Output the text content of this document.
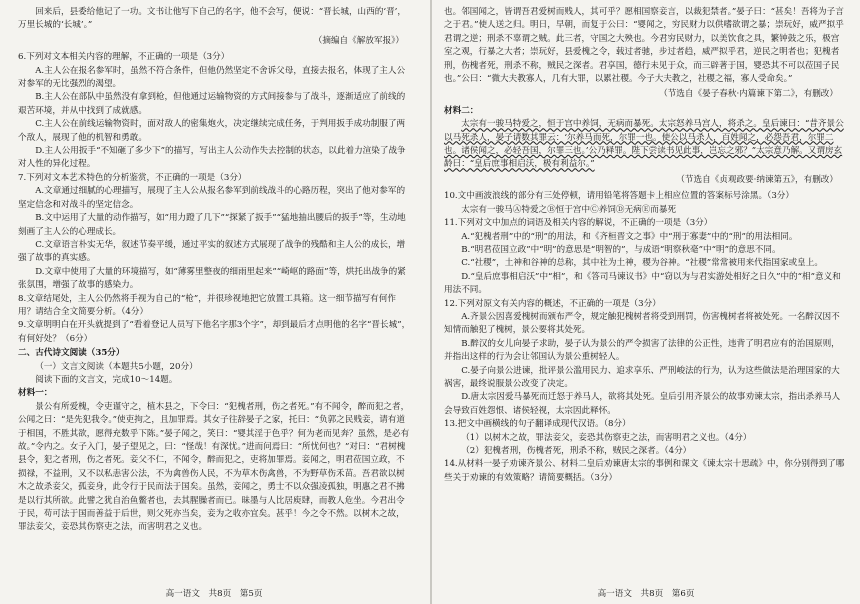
回来后，县委给他记了一功。文书让他写下自己的名字，他不会写，便说：“晋长城，山西的‘晋’，万里长城的‘长城’。”

（摘编自《解放军报》）

6.下列对文本相关内容的理解，不正确的一项是（3分）

A.主人公在报名参军时，虽然不符合条件，但他仍然坚定不舍诉父母，直接去报名，体现了主人公对参军的无比强烈的渴望。

B.主人公在部队中虽然没有拿到枪，但他通过运输物资的方式间接参与了战斗，逐渐适应了前线的艰苦环境，并从中找到了成就感。

C.主人公在前线运输物资时，面对敌人的密集炮火，决定继续完成任务，于判用扳手成功制服了两个敌人，展现了他的机智和勇敢。

D.主人公用扳手“不知砸了多少下”的描写，写出主人公动作失去控制的状态，以此着力渲染了战争对人性的异化过程。

7.下列对文本艺术特色的分析鉴赏，不正确的一项是（3分）

A.文章通过细腻的心理描写，展现了主人公从报名参军到前线战斗的心路历程，突出了他对参军的坚定信念和对战斗的坚定信念。

B.文中运用了大量的动作描写，如“用力蹬了几下”“探紧了扳手”“猛地抽出腰后的扳手”等，生动地刻画了主人公的心理成长。

C.文章语言朴实无华，叙述节奏平缓，通过平实的叙述方式展现了战争的残酷和主人公的成长，增强了故事的真实感。

D.文章中使用了大量的环境描写，如“薄雾里整夜的细雨里起来”“崎岖的路面”等，烘托出战争的紧张氛围，增强了故事的感染力。

8.文章结尾处，主人公仍然将手视为自己的“枪”，并很珍视地把它放置工具箱。这一细节描写有何作用？请结合全文简要分析。（4分）

9.文章明明白在开头就提到了“看着登记人员写下他名字那3个字”，却到最后才点明他的名字“晋长城”，有何好处？（6分）

二、古代诗文阅读（35分）

（一）文言文阅读（本题共5小题，20分）

阅读下面的文言文，完成10～14题。

材料一：

景公有所爱槐，令吏谨守之，植木县之，下令曰：“犯槐者刑，伤之者死。”有不闻令，醉而犯之者，公闻之曰：“是先犯我令。”使吏拘之，且加罪焉。其女子往辞晏子之家，托曰：“负郭之民贱妾，请有道于相国，不胜其欲，愿得充数乎下陈。”晏子闻之，笑曰：“婴其淫于色乎？何为老而见奔？虽然，是必有故。”令内之。女子入门，晏子望见之，曰：“怪哉！有深忧。”进而问焉曰：“所忧何也？”对曰：“君树槐县令，犯之者刑，伤之者死。妾父不仁，不闻令，醉而犯之，吏将加罪焉。妾闻之，明君莅国立政，不损禄，不益刑，又不以私恚害公法，不为禽兽伤人民，不为草木伤禽兽，不为野草伤禾苗。吾君欲以树木之故杀妾父，孤妾身，此令行于民而法于国矣。虽然，妾闻之，勇士不以众强凌孤独，明惠之君不拂是以行其所欲。此譬之犹自治鱼鳖者也，去其腥臊者而已。昧墨与人比居庾肆，而教人危坐。今君出令于民，苟可法于国而善益于后世，则父死亦当矣，妾为之收亦宜矣。甚乎！今之令不然。以树木之故，罪法妾父，妾恐其伤察吏之法，而害明君之义也。

高一语文　共8页　第5页

也。邻国闻之，皆谓吾君爱树而贱人，其可乎？愿相国察妾言，以裁犯禁者。”晏子曰：“甚矣！吾将为子言之于君。”使人送之归。明日，早朝，而复于公曰：“婴闻之，穷民财力以供嗜欲谓之暴；崇玩好，威严拟乎君谓之逆；刑杀不辜谓之贼。此三者，守国之大殃也。今君穷民财力，以美饮食之具，繁钟鼓之乐，极宫室之观，行暴之大者；崇玩好，县爱槐之令，载过者驰，步过者趋，威严拟乎君，逆民之明者也；犯槐者刑，伤槐者死，刑杀不称，贼民之深者。君享国，德行未见于众，而三辟著于国，婴恐其不可以莅国子民也。”公曰：“微大夫教寡人，几有大罪，以累社稷。今子大夫教之，社稷之福，寡人受命矣。”

（节选自《晏子春秋·内篇谏下第二》，有删改）

材料二：

太宗有一骏马特爱之，恒于宫中养饲，无病而暴死。太宗怒养马宫人，将杀之。皇后谏曰：“昔齐景公以马死杀人，晏子请数其罪云：‘尔养马而死，尔罪一也。使公以马杀人，百姓闻之，必怨吾君，尔罪二也。诸侯闻之，必轻吾国，尔罪三也。’公乃释罪。陛下尝读书见此事，岂忘之邪？”太宗意乃解。又谓房玄龄曰：“皇后庶事相启沃，极有利益尔。”

（节选自《贞观政要·纳谏第五》，有删改）

10.文中画波浪线的部分有三处停顿，请用铅笔将答题卡上相应位置的答案标号涂黑。（3分）

太宗有一骏马Ⓐ特爱之Ⓑ恒于宫中Ⓒ养饲Ⓓ无病Ⓔ而暴死

11.下列对文中加点的词语及相关内容的解说，不正确的一项是（3分）

A.“犯槐者刑”中的“刑”的用法，和《齐桓晋文之事》中“刑于寡妻”中的“刑”的用法相同。

B.“明君莅国立政”中“明”的意思是“明智的”，与成语“明察秋毫”中“明”的意思不同。

C.“社稷”，土神和谷神的总称，其中社为土神，稷为谷神。“社稷”常常被用来代指国家或皇上。

D.“皇后庶事相启沃”中“相”，和《答司马谏议书》中“窃以为与君实游处相好之日久”中的“相”意义和用法不同。

12.下列对原文有关内容的概述，不正确的一项是（3分）

A.齐景公因喜爱槐树而颁布严令，规定触犯槐树者将受到刑罚，伤害槐树者将被处死。一名醉汉因不知情而触犯了槐树，景公要将其处死。

B.醉汉的女儿向晏子求助，晏子认为景公的严令损害了法律的公正性，违背了明君应有的治国原则，并指出这样的行为会让邻国认为景公重树轻人。

C.晏子向景公进谏，批评景公滥用民力、追求享乐、严刑峻法的行为，认为这些做法是治理国家的大祸害，最终说服景公改变了决定。

D.唐太宗因爱马暴死而迁怒于养马人，欲将其处死。皇后引用齐景公的故事劝谏太宗，指出杀养马人会导致百姓怨恨、诸侯轻视，太宗因此释怀。

13.把文中画横线的句子翻译成现代汉语。（8分）

（1）以树木之故，罪法妾父，妾恐其伤察吏之法，而害明君之义也。（4分）

（2）犯槐者刑，伤槐者死，刑杀不称，贼民之深者。（4分）

14.从材料一晏子劝谏齐景公、材料二皇后劝谏唐太宗的事例和课文《谏太宗十思疏》中，你分别得到了哪些关于劝谏的有效策略？请简要概括。（3分）

高一语文　共8页　第6页
